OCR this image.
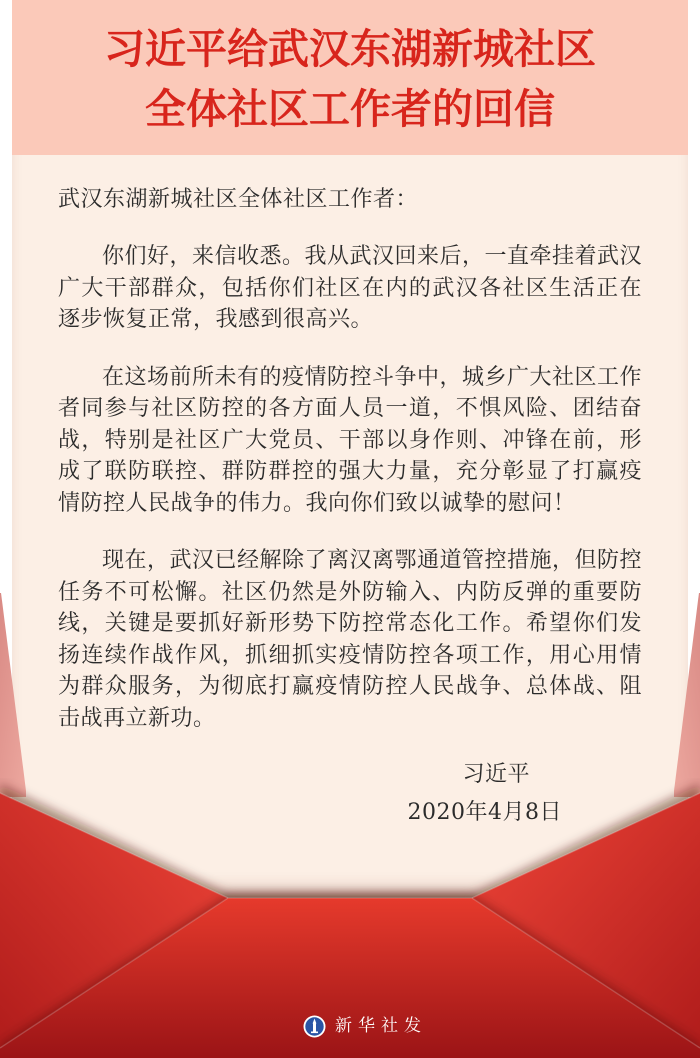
习近平给武汉东湖新城社区
全体社区工作者的回信
武汉东湖新城社区全体社区工作者：

你们好，来信收悉。我从武汉回来后，一直牵挂着武汉广大干部群众，包括你们社区在内的武汉各社区生活正在逐步恢复正常，我感到很高兴。

在这场前所未有的疫情防控斗争中，城乡广大社区工作者同参与社区防控的各方面人员一道，不惧风险、团结奋战，特别是社区广大党员、干部以身作则、冲锋在前，形成了联防联控、群防群控的强大力量，充分彰显了打赢疫情防控人民战争的伟力。我向你们致以诚挚的慰问！

现在，武汉已经解除了离汉离鄂通道管控措施，但防控任务不可松懈。社区仍然是外防输入、内防反弹的重要防线，关键是要抓好新形势下防控常态化工作。希望你们发扬连续作战作风，抓细抓实疫情防控各项工作，用心用情为群众服务，为彻底打赢疫情防控人民战争、总体战、阻击战再立新功。

习近平
2020年4月8日
新华社发
